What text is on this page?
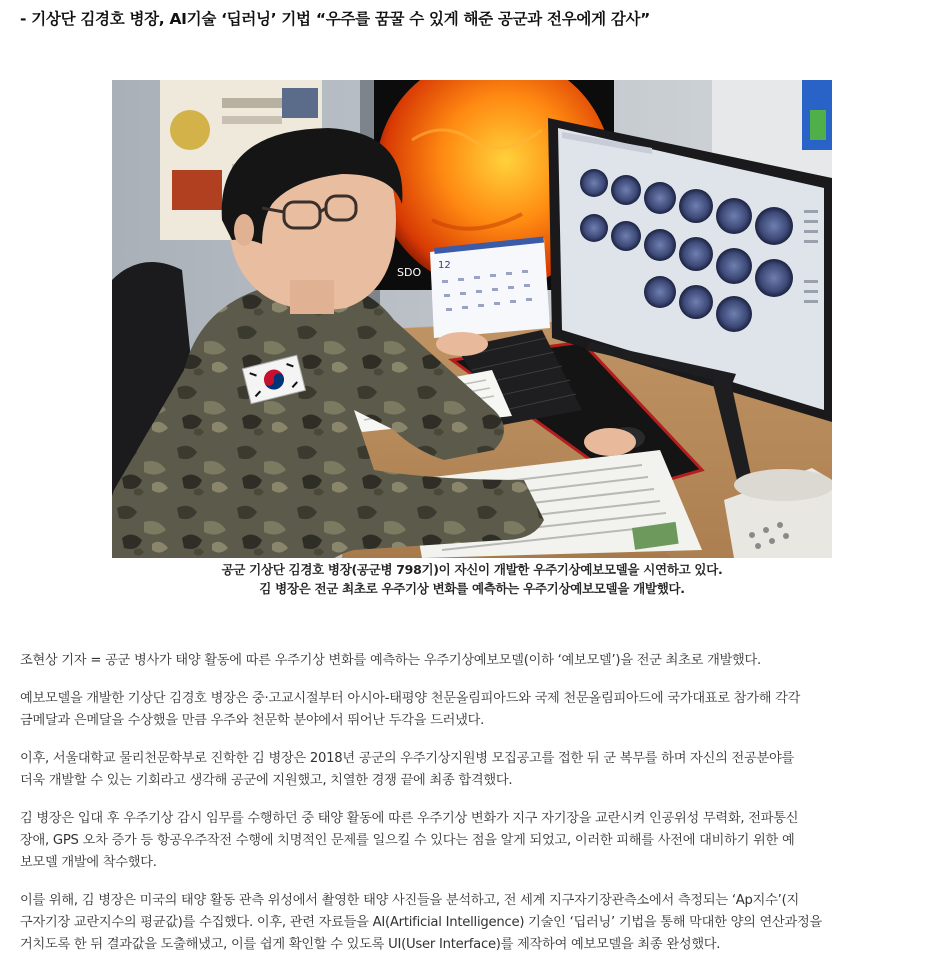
- 기상단 김경호 병장, AI기술 ‘딥러닝’ 기법 “우주를 꿈꿀 수 있게 해준 공군과 전우에게 감사”
SDO
12
공군 기상단 김경호 병장(공군병 798기)이 자신이 개발한 우주기상예보모델을 시연하고 있다.
김 병장은 전군 최초로 우주기상 변화를 예측하는 우주기상예보모델을 개발했다.

조현상 기자 = 공군 병사가 태양 활동에 따른 우주기상 변화를 예측하는 우주기상예보모델(이하 ‘예보모델’)을 전군 최초로 개발했다.

예보모델을 개발한 기상단 김경호 병장은 중·고교시절부터 아시아-태평양 천문올림피아드와 국제 천문올림피아드에 국가대표로 참가해 각각
금메달과 은메달을 수상했을 만큼 우주와 천문학 분야에서 뛰어난 두각을 드러냈다.

이후, 서울대학교 물리천문학부로 진학한 김 병장은 2018년 공군의 우주기상지원병 모집공고를 접한 뒤 군 복무를 하며 자신의 전공분야를
더욱 개발할 수 있는 기회라고 생각해 공군에 지원했고, 치열한 경쟁 끝에 최종 합격했다.

김 병장은 입대 후 우주기상 감시 임무를 수행하던 중 태양 활동에 따른 우주기상 변화가 지구 자기장을 교란시켜 인공위성 무력화, 전파통신
장애, GPS 오차 증가 등 항공우주작전 수행에 치명적인 문제를 일으킬 수 있다는 점을 알게 되었고, 이러한 피해를 사전에 대비하기 위한 예
보모델 개발에 착수했다.

이를 위해, 김 병장은 미국의 태양 활동 관측 위성에서 촬영한 태양 사진들을 분석하고, 전 세계 지구자기장관측소에서 측정되는 ‘Ap지수’(지
구자기장 교란지수의 평균값)를 수집했다. 이후, 관련 자료들을 AI(Artificial Intelligence) 기술인 ‘딥러닝’ 기법을 통해 막대한 양의 연산과정을
거치도록 한 뒤 결과값을 도출해냈고, 이를 쉽게 확인할 수 있도록 UI(User Interface)를 제작하여 예보모델을 최종 완성했다.
